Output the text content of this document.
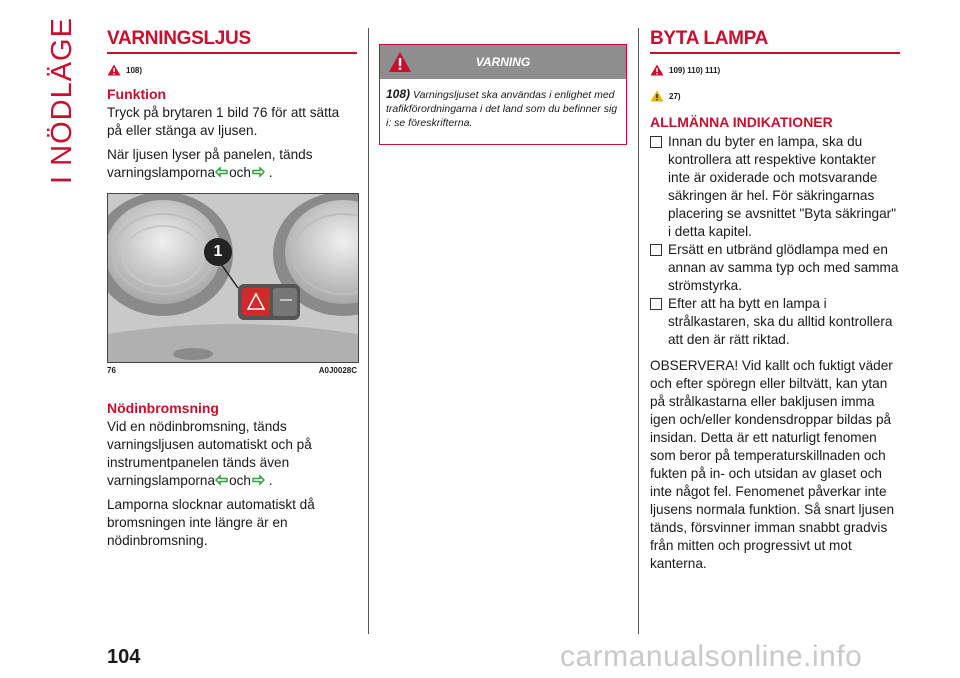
I NÖDLÄGE VARNINGSLJUS
108)
Funktion

Tryck på brytaren 1 bild 76 för att sätta på eller stänga av ljusen.

När ljusen lyser på panelen, tänds varningslamporna och .

1
76	A0J0028C
Nödinbromsning

Vid en nödinbromsning, tänds varningsljusen automatiskt och på instrumentpanelen tänds även varningslamporna och .

Lamporna slocknar automatiskt då bromsningen inte längre är en nödinbromsning.

VARNING
108) Varningsljuset ska användas i enlighet med trafikförordningarna i det land som du befinner sig i: se föreskrifterna.
BYTA LAMPA
109) 110) 111)
27)
ALLMÄNNA INDIKATIONER

Innan du byter en lampa, ska du kontrollera att respektive kontakter inte är oxiderade och motsvarande säkringen är hel. För säkringarnas placering se avsnittet "Byta säkringar" i detta kapitel.

Ersätt en utbränd glödlampa med en annan av samma typ och med samma strömstyrka.

Efter att ha bytt en lampa i strålkastaren, ska du alltid kontrollera att den är rätt riktad.

OBSERVERA! Vid kallt och fuktigt väder och efter spöregn eller biltvätt, kan ytan på strålkastarna eller bakljusen imma igen och/eller kondensdroppar bildas på insidan. Detta är ett naturligt fenomen som beror på temperaturskillnaden och fukten på in- och utsidan av glaset och inte något fel. Fenomenet påverkar inte ljusens normala funktion. Så snart ljusen tänds, försvinner imman snabbt gradvis från mitten och progressivt ut mot kanterna.

104	carmanualsonline.info
